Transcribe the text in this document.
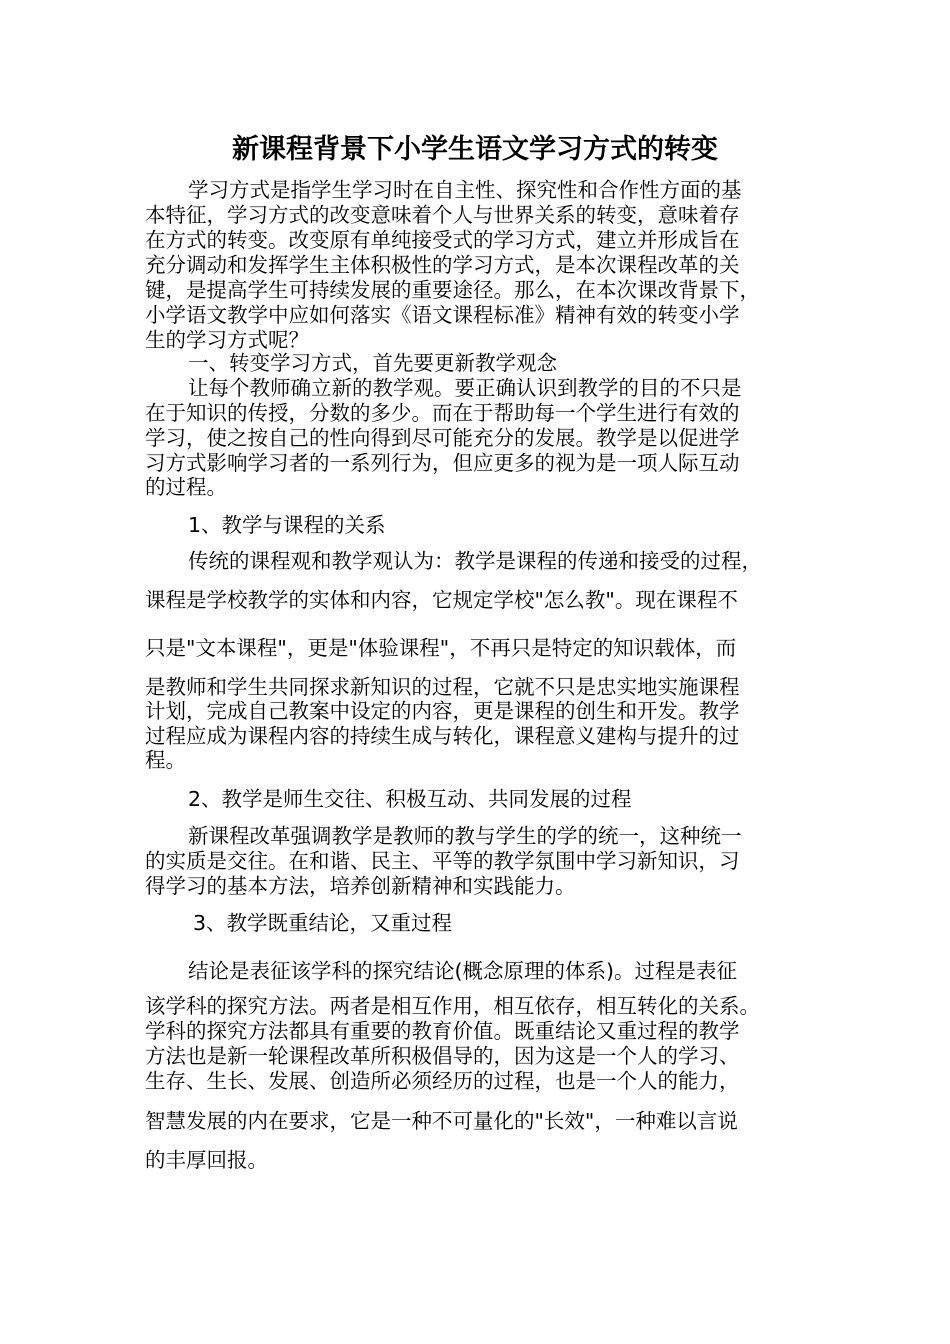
新课程背景下小学生语文学习方式的转变

学习方式是指学生学习时在自主性、探究性和合作性方面的基

本特征，学习方式的改变意味着个人与世界关系的转变，意味着存

在方式的转变。改变原有单纯接受式的学习方式，建立并形成旨在

充分调动和发挥学生主体积极性的学习方式，是本次课程改革的关

键，是提高学生可持续发展的重要途径。那么，在本次课改背景下，

小学语文教学中应如何落实《语文课程标准》精神有效的转变小学

生的学习方式呢？

一、转变学习方式，首先要更新教学观念

让每个教师确立新的教学观。要正确认识到教学的目的不只是

在于知识的传授，分数的多少。而在于帮助每一个学生进行有效的

学习，使之按自己的性向得到尽可能充分的发展。教学是以促进学

习方式影响学习者的一系列行为，但应更多的视为是一项人际互动

的过程。

1、教学与课程的关系

传统的课程观和教学观认为：教学是课程的传递和接受的过程，

课程是学校教学的实体和内容，它规定学校"怎么教"。现在课程不

只是"文本课程"，更是"体验课程"，不再只是特定的知识载体，而

是教师和学生共同探求新知识的过程，它就不只是忠实地实施课程

计划，完成自己教案中设定的内容，更是课程的创生和开发。教学

过程应成为课程内容的持续生成与转化，课程意义建构与提升的过

程。

2、教学是师生交往、积极互动、共同发展的过程

新课程改革强调教学是教师的教与学生的学的统一，这种统一

的实质是交往。在和谐、民主、平等的教学氛围中学习新知识，习

得学习的基本方法，培养创新精神和实践能力。

3、教学既重结论，又重过程

结论是表征该学科的探究结论(概念原理的体系)。过程是表征

该学科的探究方法。两者是相互作用，相互依存，相互转化的关系。

学科的探究方法都具有重要的教育价值。既重结论又重过程的教学

方法也是新一轮课程改革所积极倡导的，因为这是一个人的学习、

生存、生长、发展、创造所必须经历的过程，也是一个人的能力，

智慧发展的内在要求，它是一种不可量化的"长效"，一种难以言说

的丰厚回报。
